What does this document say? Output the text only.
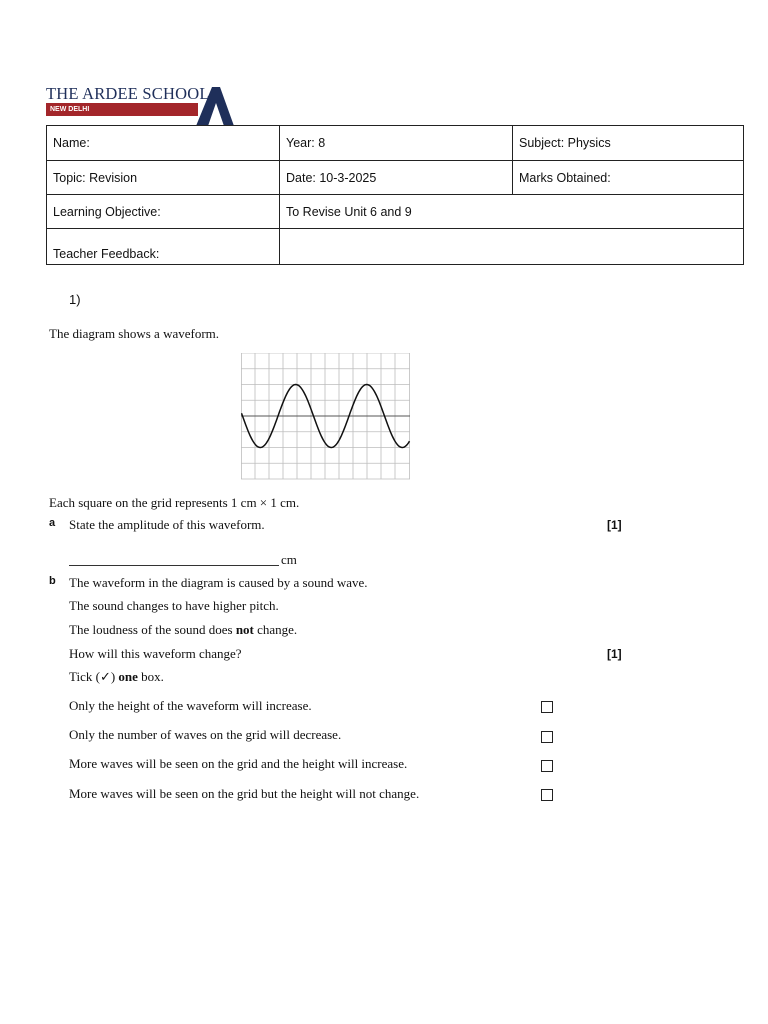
THE ARDEE SCHOOL
NEW DELHI
Name:	Year: 8	Subject: Physics
Topic: Revision	Date: 10-3-2025	Marks Obtained:
Learning Objective:	To Revise Unit 6 and 9	
Teacher Feedback:		
1)
The diagram shows a waveform.
Each square on the grid represents 1 cm × 1 cm.
a State the amplitude of this waveform.	[1]
cm
b The waveform in the diagram is caused by a sound wave.
The sound changes to have higher pitch.
The loudness of the sound does not change.
How will this waveform change?	[1]
Tick (✓) one box.
Only the height of the waveform will increase.
Only the number of waves on the grid will decrease.
More waves will be seen on the grid and the height will increase.
More waves will be seen on the grid but the height will not change.
